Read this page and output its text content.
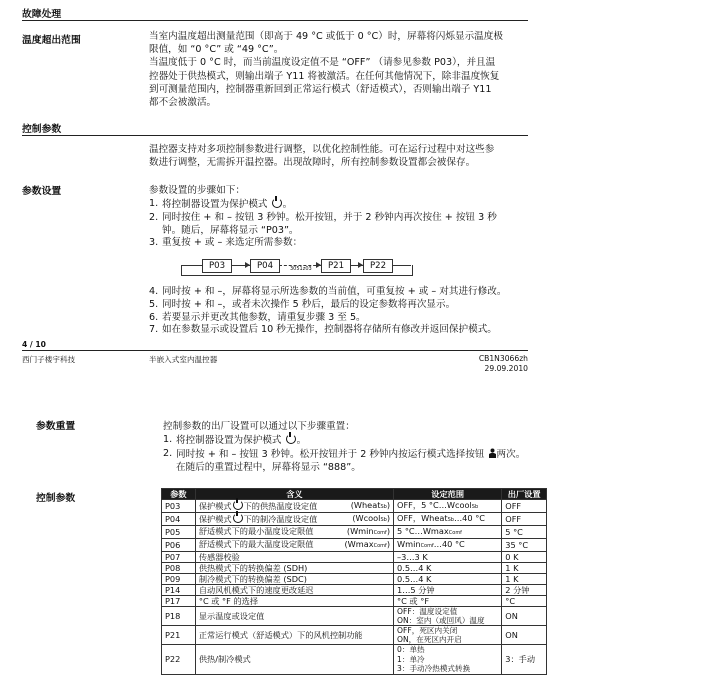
故障处理
温度超出范围	当室内温度超出测量范围（即高于 49 °C 或低于 0 °C）时，屏幕将闪烁显示温度极

限值，如 “0 °C” 或 “49 °C”。

当温度低于 0 °C 时，而当前温度设定值不是 “OFF” （请参见参数 P03），并且温

控器处于供热模式，则输出端子 Y11 将被激活。在任何其他情况下，除非温度恢复

到可测量范围内，控制器重新回到正常运行模式（舒适模式），否则输出端子 Y11

都不会被激活。

控制参数

温控器支持对多项控制参数进行调整，以优化控制性能。可在运行过程中对这些参

数进行调整，无需拆开温控器。出现故障时，所有控制参数设置都会被保存。

参数设置	参数设置的步骤如下：
1. 将控制器设置为保护模式 。
2. 同时按住 + 和 – 按钮 3 秒钟。松开按钮，并于 2 秒钟内再次按住 + 按钮 3 秒
钟。随后，屏幕将显示 “P03”。
3. 重复按 + 或 – 来选定所需参数：
P03	P04	3051z03	P21	P22
4. 同时按 + 和 –，屏幕将显示所选参数的当前值，可重复按 + 或 – 对其进行修改。
5. 同时按 + 和 –，或者未次操作 5 秒后，最后的设定参数将再次显示。
6. 若要显示并更改其他参数，请重复步骤 3 至 5。
7. 如在参数显示或设置后 10 秒无操作，控制器将存储所有修改并返回保护模式。
4 / 10
西门子楼宇科技	半嵌入式室内温控器	CB1N3066zh
29.09.2010
参数重置	控制参数的出厂设置可以通过以下步骤重置：
1. 将控制器设置为保护模式 。
2. 同时按 + 和 – 按钮 3 秒钟。松开按钮并于 2 秒钟内按运行模式选择按钮 两次。
在随后的重置过程中，屏幕将显示 “888”。
控制参数	参数	含义	设定范围	出厂设置
P03	保护模式 下的供热温度设定值 (WheatSb)	OFF，5 °C…WcoolSb	OFF
P04	保护模式 下的制冷温度设定值 (WcoolSb)	OFF，WheatSb…40 °C	OFF
P05	舒适模式下的最小温度设定限值 (WminComf)	5 °C…WmaxComf	5 °C
P06	舒适模式下的最大温度设定限值 (WmaxComf)	WminComf…40 °C	35 °C
P07	传感器校验	–3…3 K	0 K
P08	供热模式下的转换偏差 (SDH)	0.5…4 K	1 K
P09	制冷模式下的转换偏差 (SDC)	0.5…4 K	1 K
P14	自动风机模式下的速度更改延迟	1…5 分钟	2 分钟
P17	°C 或 °F 的选择	°C 或 °F	°C
P18	显示温度或设定值	OFF：温度设定值
ON：室内（或回风）温度	ON
P21	正常运行模式（舒适模式）下的风机控制功能	OFF，死区内关闭
ON，在死区内开启	ON
P22	供热/制冷模式	0：单热
1：单冷
3：手动冷热模式转换	3：手动
